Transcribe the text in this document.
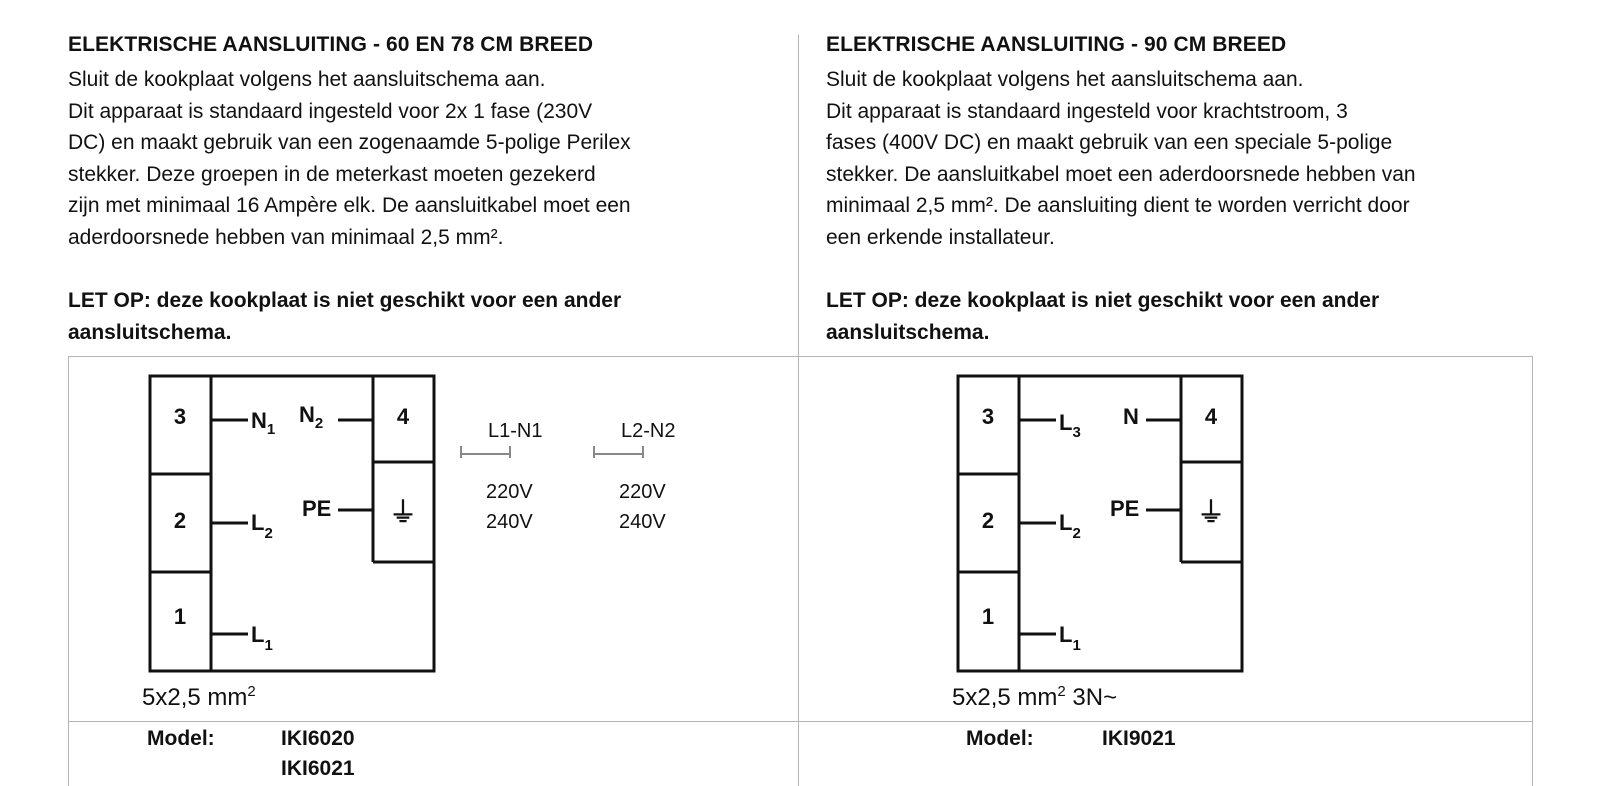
ELEKTRISCHE AANSLUITING - 60 EN 78 CM BREED
Sluit de kookplaat volgens het aansluitschema aan.
Dit apparaat is standaard ingesteld voor 2x 1 fase (230V
DC) en maakt gebruik van een zogenaamde 5-polige Perilex
stekker. Deze groepen in de meterkast moeten gezekerd
zijn met minimaal 16 Ampère elk. De aansluitkabel moet een
aderdoorsnede hebben van minimaal 2,5 mm².
LET OP: deze kookplaat is niet geschikt voor een ander
aansluitschema.
ELEKTRISCHE AANSLUITING - 90 CM BREED
Sluit de kookplaat volgens het aansluitschema aan.
Dit apparaat is standaard ingesteld voor krachtstroom, 3
fases (400V DC) en maakt gebruik van een speciale 5-polige
stekker. De aansluitkabel moet een aderdoorsnede hebben van
minimaal 2,5 mm². De aansluiting dient te worden verricht door
een erkende installateur.
LET OP: deze kookplaat is niet geschikt voor een ander
aansluitschema.
3
2
1
4
$N_1$
$N_2$
$L_2$
PE
$L_1$
⏚
L1-N1	L2-N2
220V	220V
240V	240V
5x2,5 $mm^2$
Model:	IKI6020
IKI6021
3
2
1
4
$L_3$
N
$L_2$
PE
$L_1$
⏚
5x2,5 $mm^2$ 3N~
Model:	IKI9021
